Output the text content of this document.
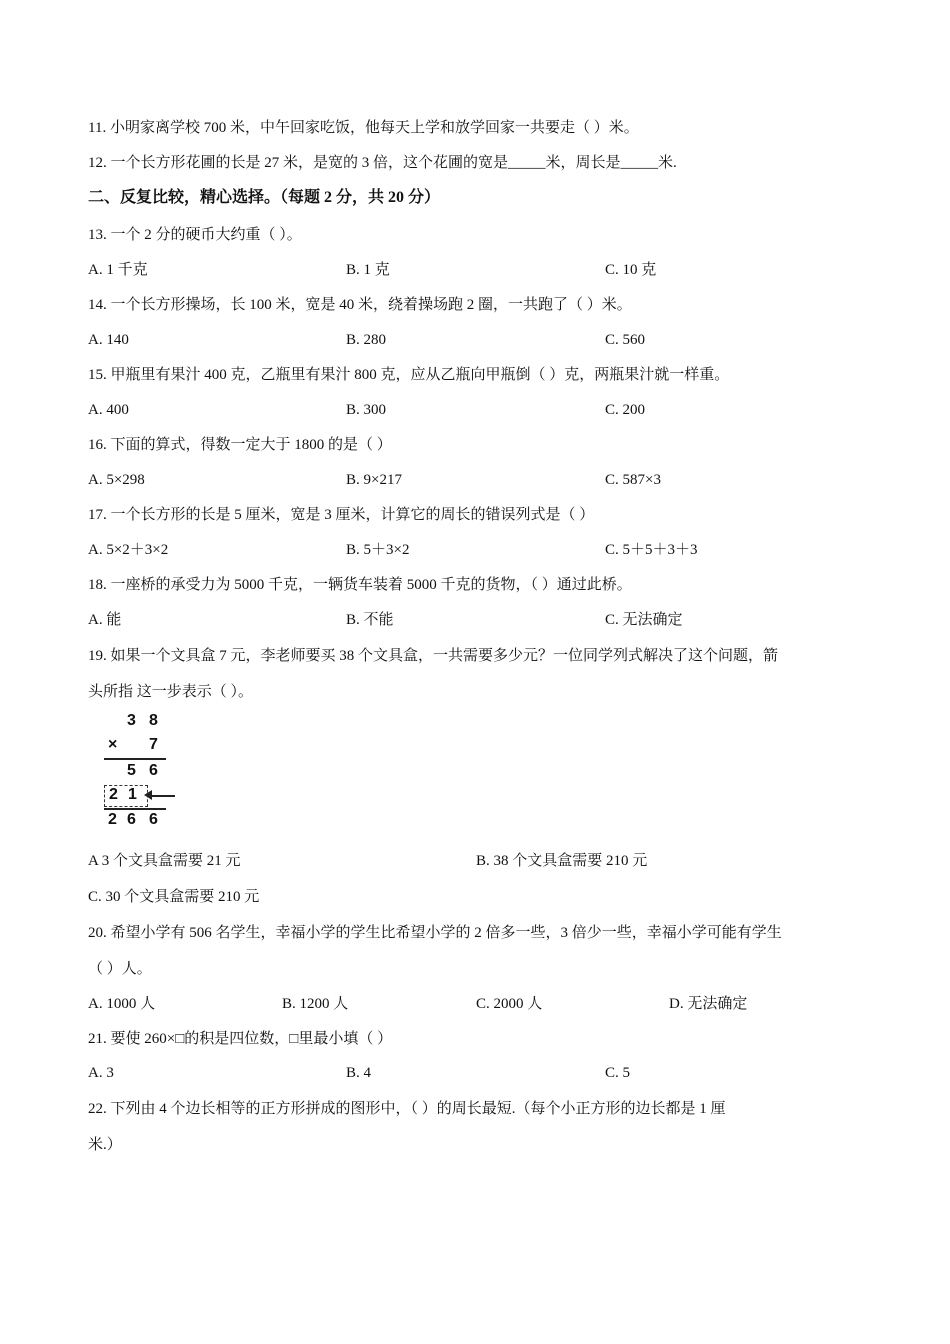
11. 小明家离学校 700 米，中午回家吃饭，他每天上学和放学回家一共要走（ ）米。
12. 一个长方形花圃的长是 27 米，是宽的 3 倍，这个花圃的宽是_____米，周长是_____米.
二、反复比较，精心选择。（每题 2 分，共 20 分）
13. 一个 2 分的硬币大约重（ ）。
A. 1 千克	B. 1 克	C. 10 克
14. 一个长方形操场，长 100 米，宽是 40 米，绕着操场跑 2 圈，一共跑了（ ）米。
A. 140	B. 280	C. 560
15. 甲瓶里有果汁 400 克，乙瓶里有果汁 800 克，应从乙瓶向甲瓶倒（ ）克，两瓶果汁就一样重。
A. 400	B. 300	C. 200
16. 下面的算式，得数一定大于 1800 的是（ ）
A. 5×298	B. 9×217	C. 587×3
17. 一个长方形的长是 5 厘米，宽是 3 厘米，计算它的周长的错误列式是（ ）
A. 5×2＋3×2	B. 5＋3×2	C. 5＋5＋3＋3
18. 一座桥的承受力为 5000 千克，一辆货车装着 5000 千克的货物，（ ）通过此桥。
A. 能	B. 不能	C. 无法确定
19. 如果一个文具盒 7 元，李老师要买 38 个文具盒，一共需要多少元？一位同学列式解决了这个问题，箭
头所指 这一步表示（ ）。
3 8
× 7
5 6
2 1
2 6 6
A 3 个文具盒需要 21 元	B. 38 个文具盒需要 210 元
C. 30 个文具盒需要 210 元
20. 希望小学有 506 名学生，幸福小学的学生比希望小学的 2 倍多一些，3 倍少一些，幸福小学可能有学生
（ ）人。
A. 1000 人	B. 1200 人	C. 2000 人	D. 无法确定
21. 要使 260×□的积是四位数，□里最小填（ ）
A. 3	B. 4	C. 5
22. 下列由 4 个边长相等的正方形拼成的图形中，（ ）的周长最短.（每个小正方形的边长都是 1 厘
米.）
